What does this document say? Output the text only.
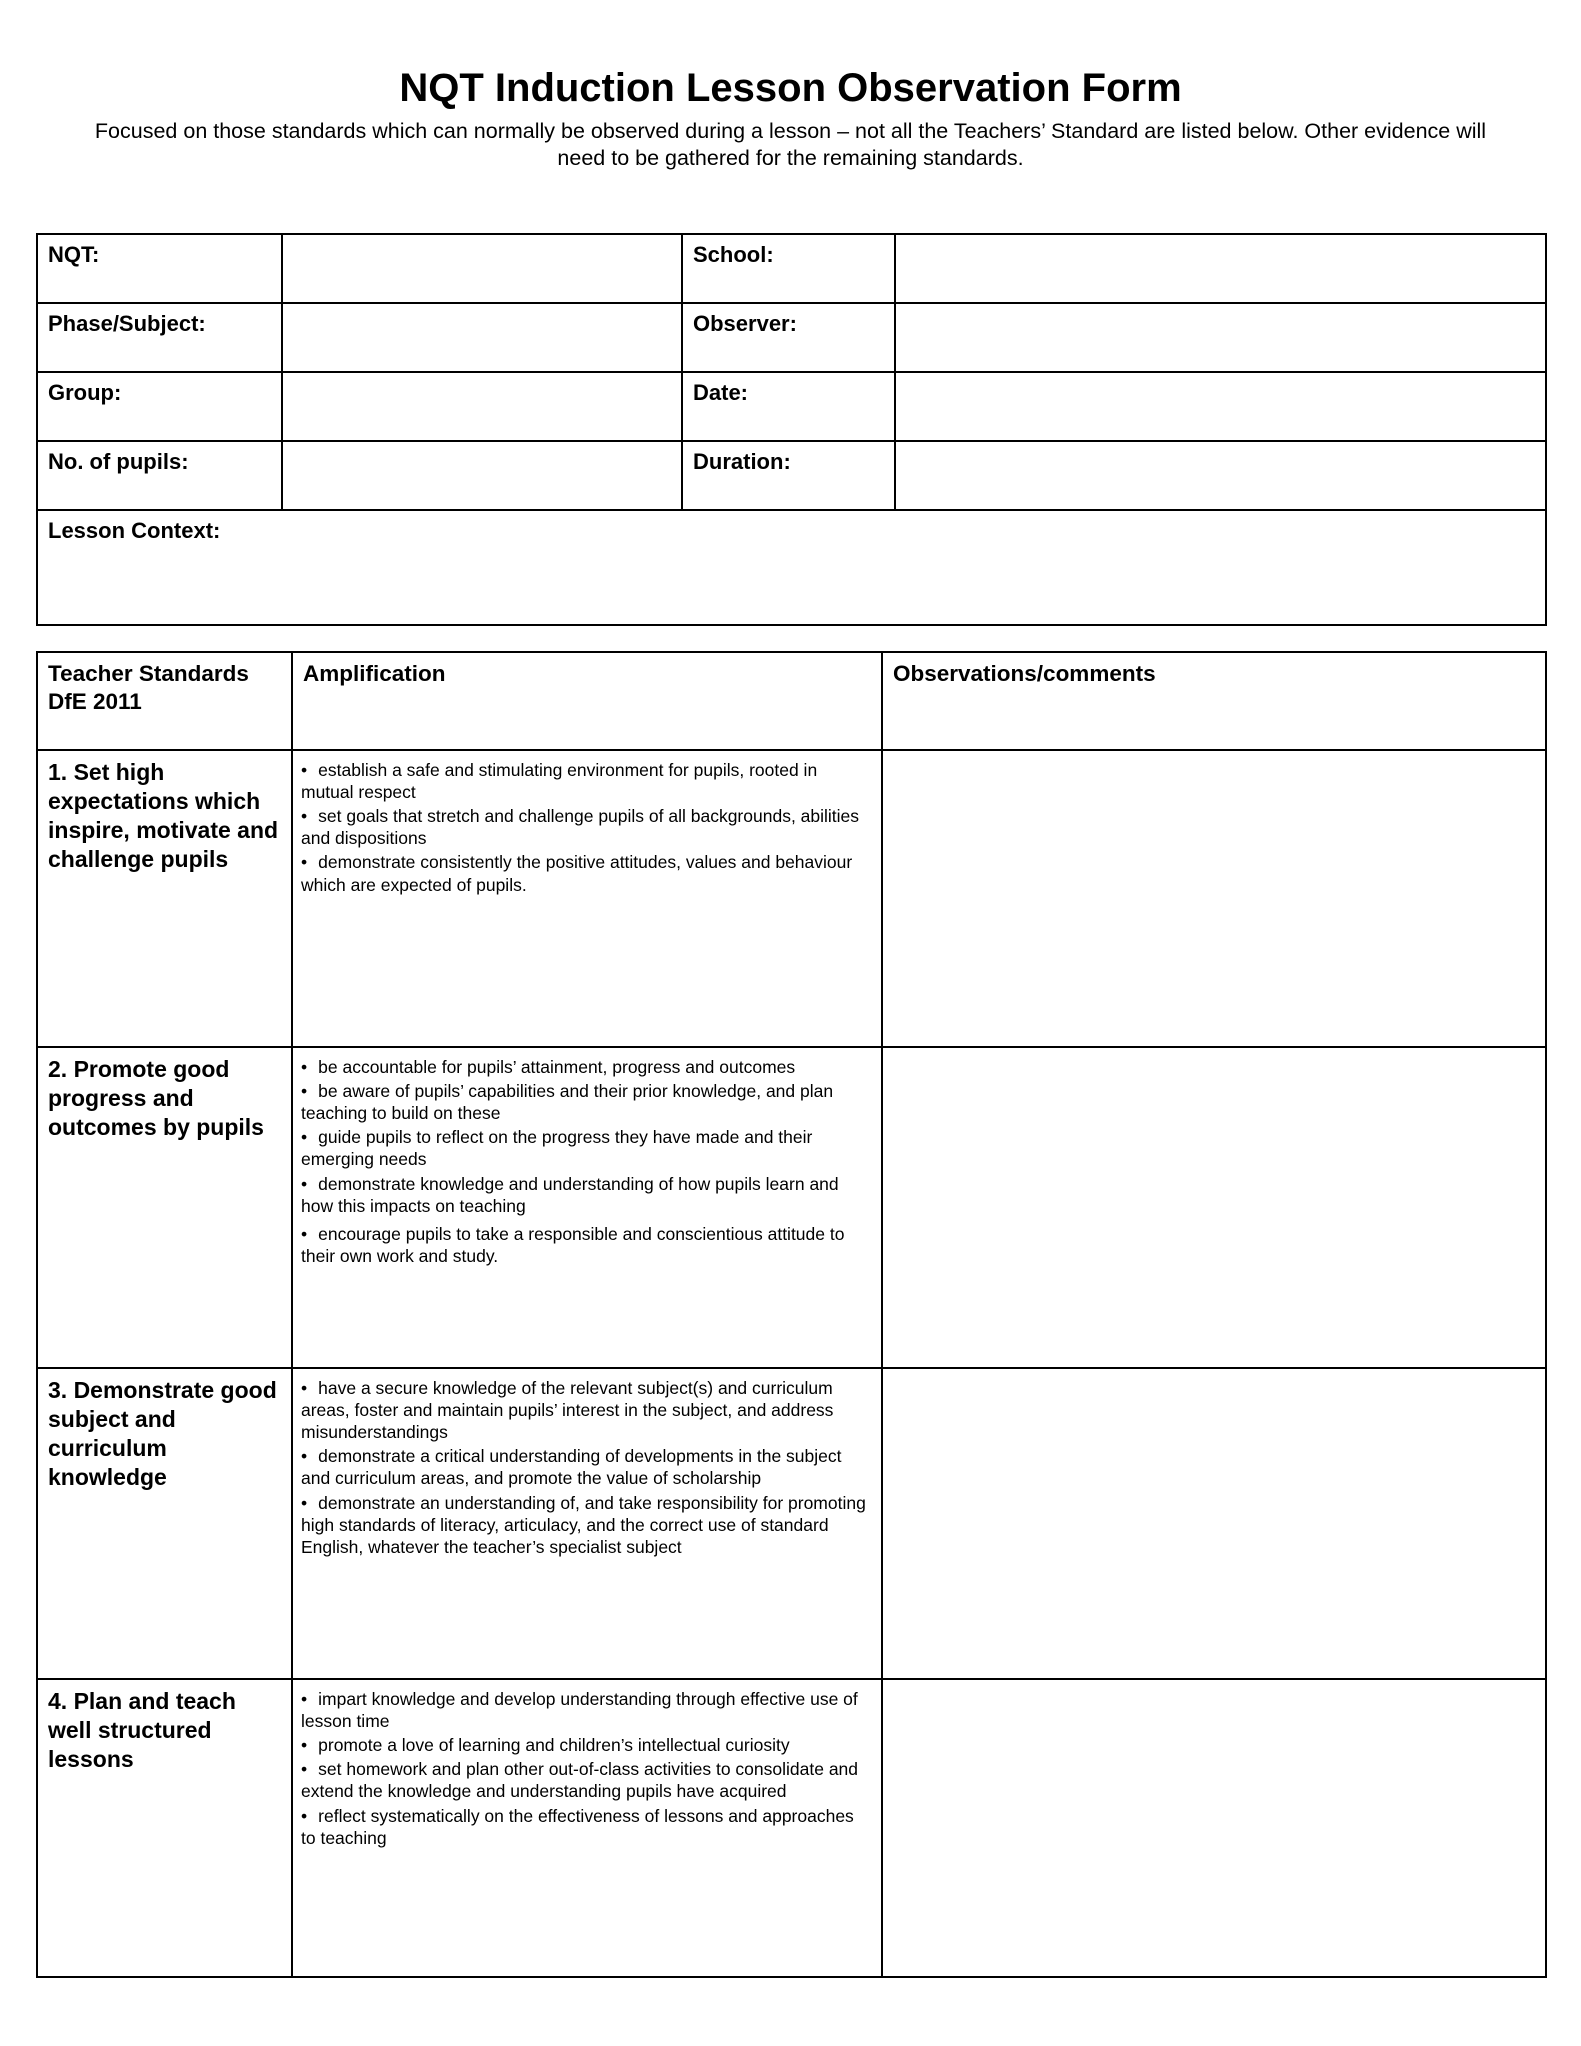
NQT Induction Lesson Observation Form

Focused on those standards which can normally be observed during a lesson – not all the Teachers’ Standard are listed below. Other evidence will need to be gathered for the remaining standards.

NQT:		School:	
Phase/Subject:		Observer:	
Group:		Date:	
No. of pupils:		Duration:	
Lesson Context:			
Teacher Standards DfE 2011	Amplification	Observations/comments
1. Set high expectations which inspire, motivate and challenge pupils	• establish a safe and stimulating environment for pupils, rooted in mutual respect
• set goals that stretch and challenge pupils of all backgrounds, abilities and dispositions
• demonstrate consistently the positive attitudes, values and behaviour which are expected of pupils.	

2. Promote good progress and outcomes by pupils	• be accountable for pupils’ attainment, progress and outcomes
• be aware of pupils’ capabilities and their prior knowledge, and plan teaching to build on these
• guide pupils to reflect on the progress they have made and their emerging needs
• demonstrate knowledge and understanding of how pupils learn and how this impacts on teaching
• encourage pupils to take a responsible and conscientious attitude to their own work and study.	

3. Demonstrate good subject and curriculum knowledge	• have a secure knowledge of the relevant subject(s) and curriculum areas, foster and maintain pupils’ interest in the subject, and address misunderstandings
• demonstrate a critical understanding of developments in the subject and curriculum areas, and promote the value of scholarship
• demonstrate an understanding of, and take responsibility for promoting high standards of literacy, articulacy, and the correct use of standard English, whatever the teacher’s specialist subject	

4. Plan and teach well structured lessons	• impart knowledge and develop understanding through effective use of lesson time
• promote a love of learning and children’s intellectual curiosity
• set homework and plan other out-of-class activities to consolidate and extend the knowledge and understanding pupils have acquired
• reflect systematically on the effectiveness of lessons and approaches to teaching	
